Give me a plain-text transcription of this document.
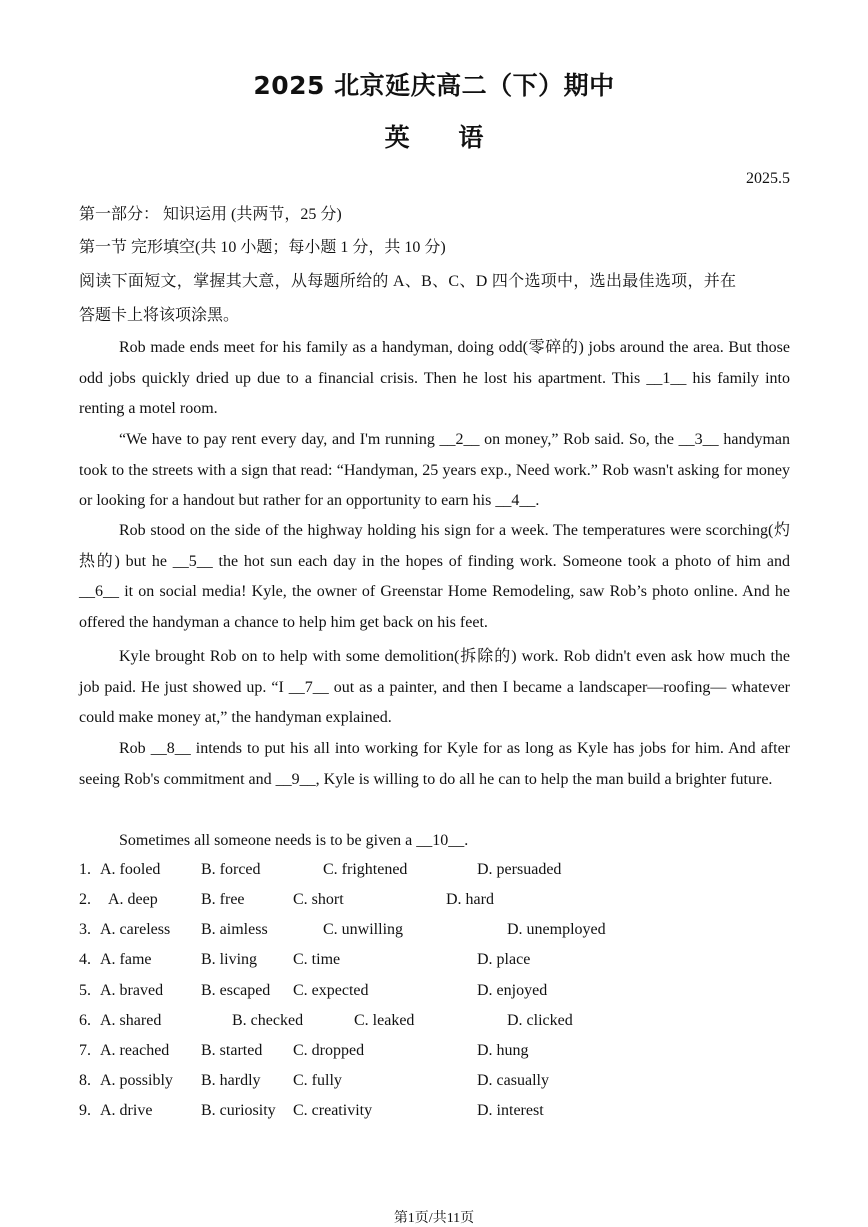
2025 北京延庆高二（下）期中
英 语
2025.5
第一部分： 知识运用 (共两节，25 分)
第一节 完形填空(共 10 小题；每小题 1 分，共 10 分)
阅读下面短文，掌握其大意，从每题所给的 A、B、C、D 四个选项中，选出最佳选项，并在
答题卡上将该项涂黑。
Rob made ends meet for his family as a handyman, doing odd(零碎的) jobs around the area. But those odd jobs quickly dried up due to a financial crisis. Then he lost his apartment. This __1__ his family into renting a motel room.
“We have to pay rent every day, and I'm running __2__ on money,” Rob said. So, the __3__ handyman took to the streets with a sign that read: “Handyman, 25 years exp., Need work.” Rob wasn't asking for money or looking for a handout but rather for an opportunity to earn his __4__.
Rob stood on the side of the highway holding his sign for a week. The temperatures were scorching(灼热的) but he __5__ the hot sun each day in the hopes of finding work. Someone took a photo of him and __6__ it on social media! Kyle, the owner of Greenstar Home Remodeling, saw Rob’s photo online. And he offered the handyman a chance to help him get back on his feet.
Kyle brought Rob on to help with some demolition(拆除的) work. Rob didn't even ask how much the job paid. He just showed up. “I __7__ out as a painter, and then I became a landscaper—roofing— whatever could make money at,” the handyman explained.
Rob __8__ intends to put his all into working for Kyle for as long as Kyle has jobs for him. And after seeing Rob's commitment and __9__, Kyle is willing to do all he can to help the man build a brighter future.
Sometimes all someone needs is to be given a __10__.
1. A. fooled	B. forced	C. frightened	D. persuaded
2. A. deep	B. free	C. short	D. hard
3. A. careless B. aimless	C. unwilling	D. unemployed
4. A. fame	B. living C. time	D. place
5. A. braved B. escaped C. expected	D. enjoyed
6. A. shared	B. checked	C. leaked	D. clicked
7. A. reached B. started C. dropped	D. hung
8. A. possibly B. hardly C. fully	D. casually
9. A. drive	B. curiosity C. creativity	D. interest
第1页/共11页
